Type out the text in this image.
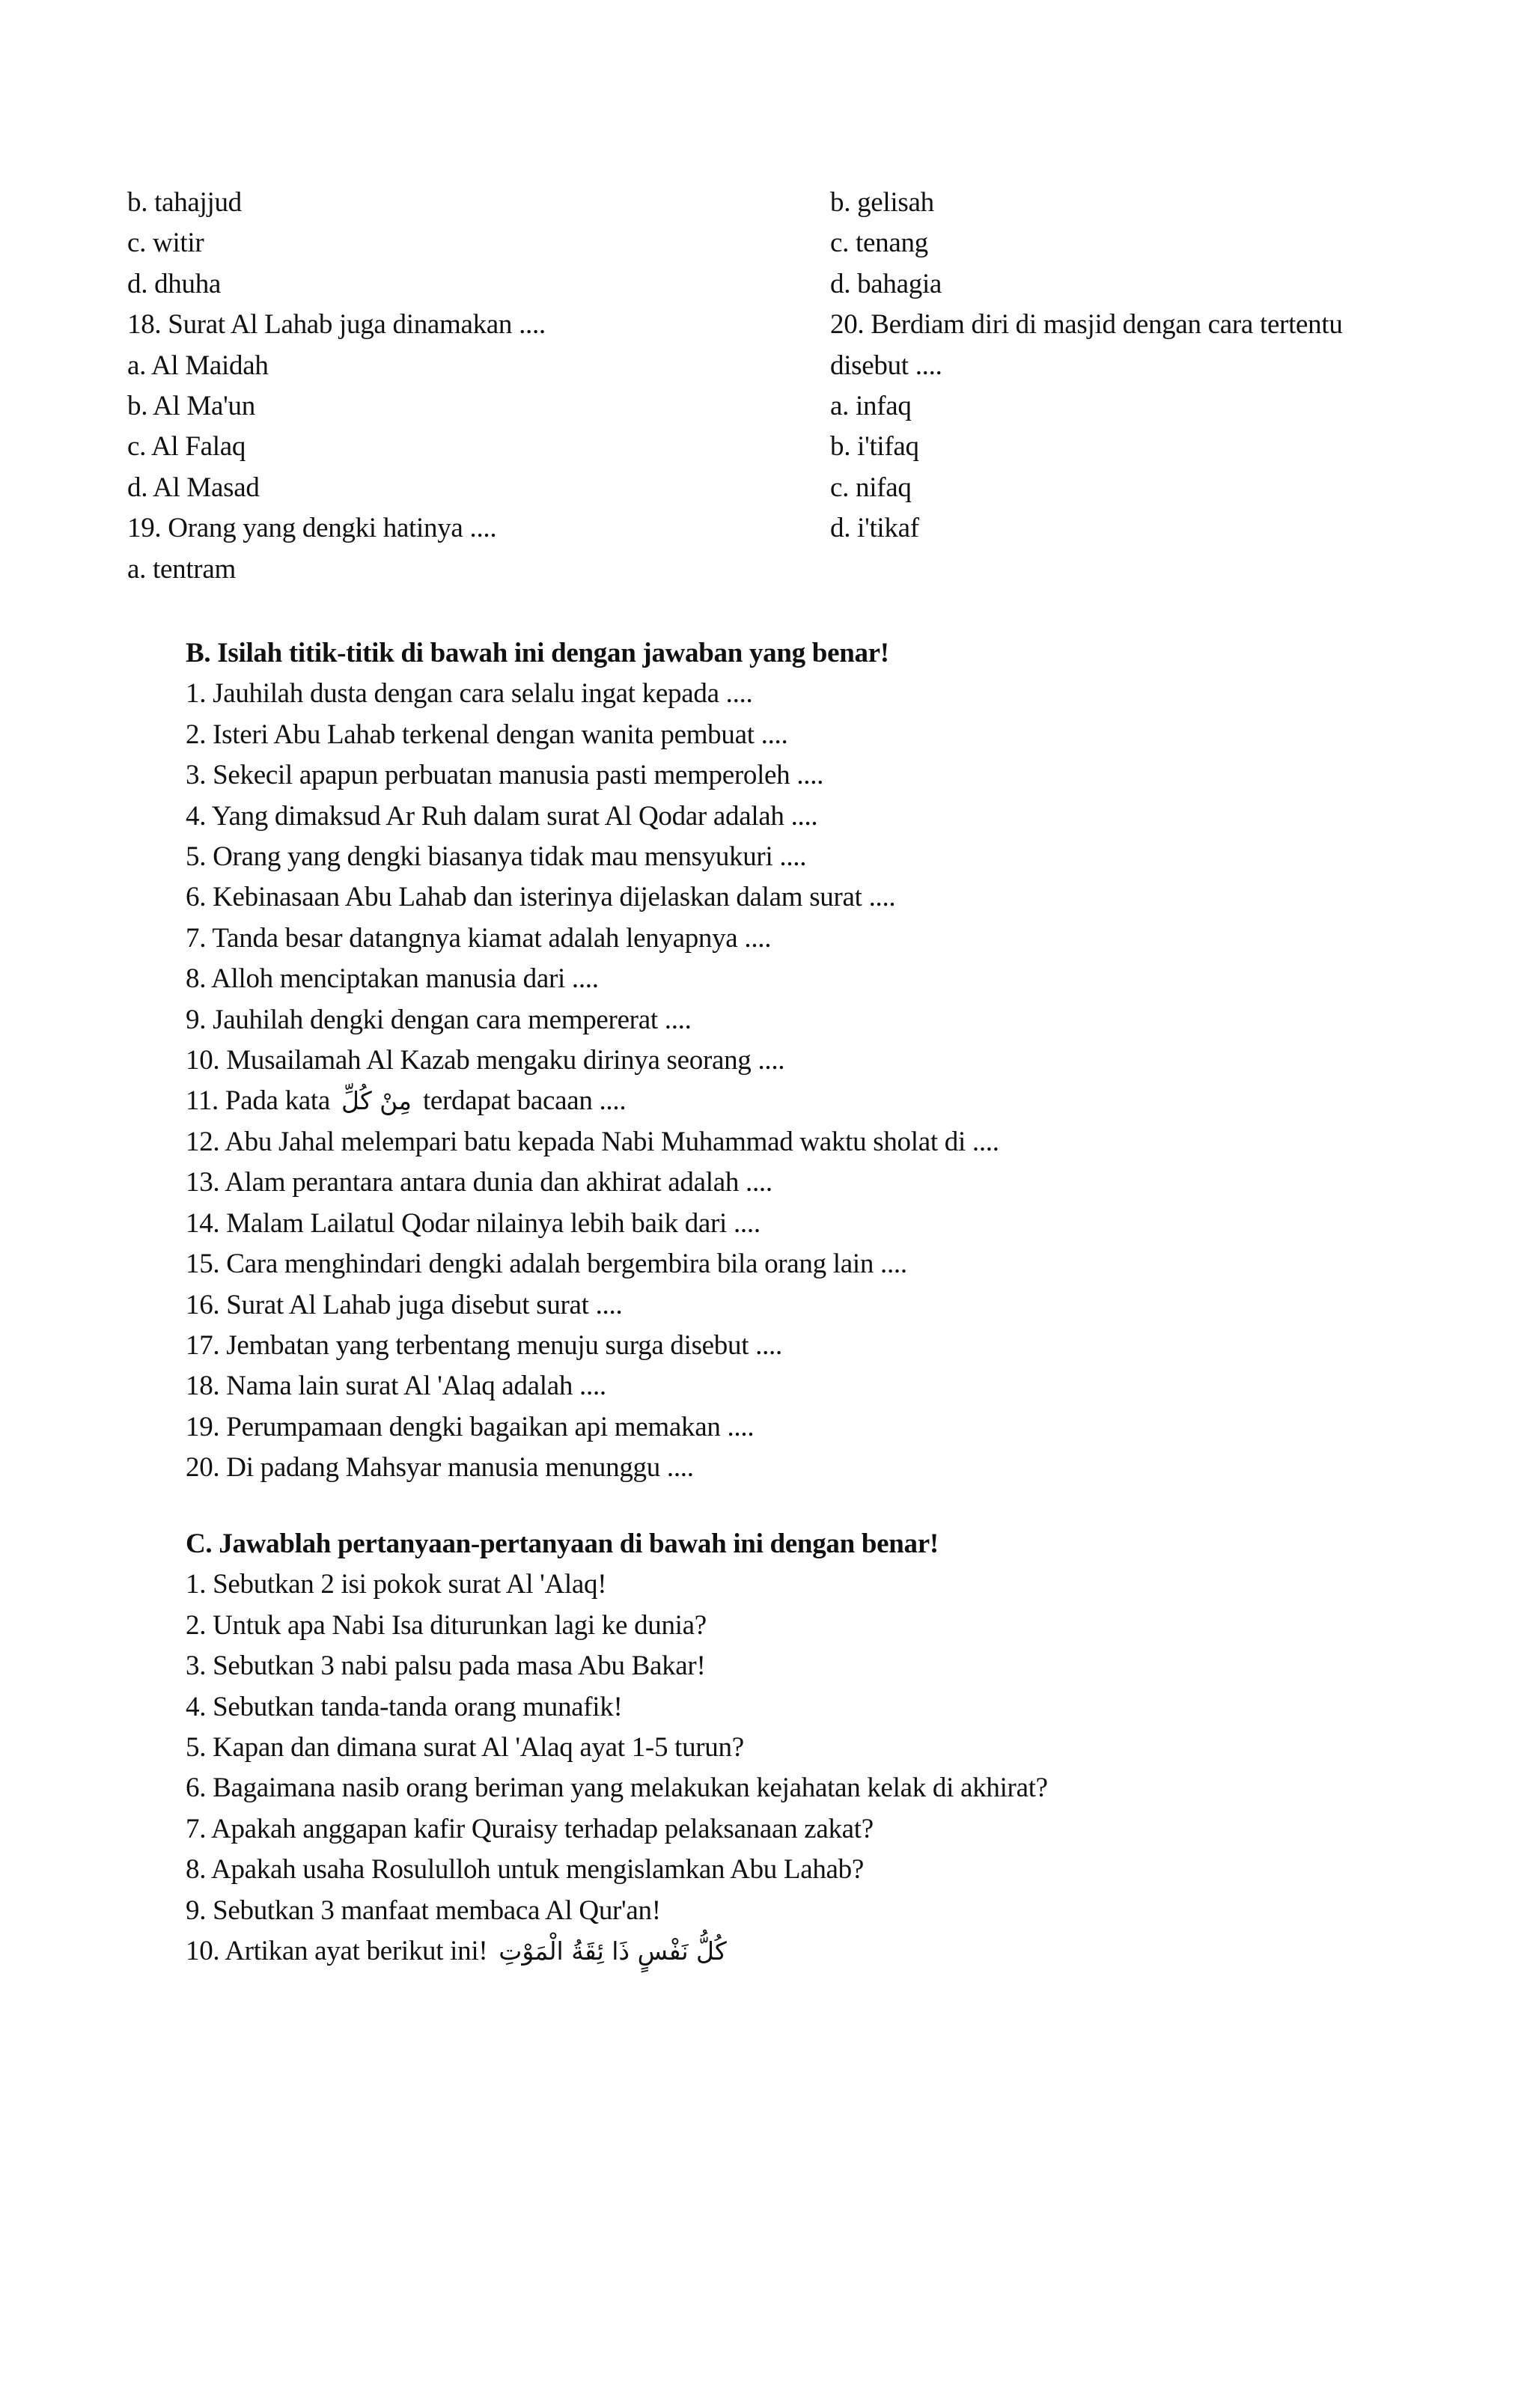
b. tahajjud
c. witir
d. dhuha
18. Surat Al Lahab juga dinamakan ....
a. Al Maidah
b. Al Ma'un
c. Al Falaq
d. Al Masad
19. Orang yang dengki hatinya ....
a. tentram
b. gelisah
c. tenang
d. bahagia
20. Berdiam diri di masjid dengan cara tertentu
disebut ....
a. infaq
b. i'tifaq
c. nifaq
d. i'tikaf
B. Isilah titik-titik di bawah ini dengan jawaban yang benar!
1. Jauhilah dusta dengan cara selalu ingat kepada ....
2. Isteri Abu Lahab terkenal dengan wanita pembuat ....
3. Sekecil apapun perbuatan manusia pasti memperoleh ....
4. Yang dimaksud Ar Ruh dalam surat Al Qodar adalah ....
5. Orang yang dengki biasanya tidak mau mensyukuri ....
6. Kebinasaan Abu Lahab dan isterinya dijelaskan dalam surat ....
7. Tanda besar datangnya kiamat adalah lenyapnya ....
8. Alloh menciptakan manusia dari ....
9. Jauhilah dengki dengan cara mempererat ....
10. Musailamah Al Kazab mengaku dirinya seorang ....
11. Pada kata مِنْ كُلِّ terdapat bacaan ....
12. Abu Jahal melempari batu kepada Nabi Muhammad waktu sholat di ....
13. Alam perantara antara dunia dan akhirat adalah ....
14. Malam Lailatul Qodar nilainya lebih baik dari ....
15. Cara menghindari dengki adalah bergembira bila orang lain ....
16. Surat Al Lahab juga disebut surat ....
17. Jembatan yang terbentang menuju surga disebut ....
18. Nama lain surat Al 'Alaq adalah ....
19. Perumpamaan dengki bagaikan api memakan ....
20. Di padang Mahsyar manusia menunggu ....
C. Jawablah pertanyaan-pertanyaan di bawah ini dengan benar!
1. Sebutkan 2 isi pokok surat Al 'Alaq!
2. Untuk apa Nabi Isa diturunkan lagi ke dunia?
3. Sebutkan 3 nabi palsu pada masa Abu Bakar!
4. Sebutkan tanda-tanda orang munafik!
5. Kapan dan dimana surat Al 'Alaq ayat 1-5 turun?
6. Bagaimana nasib orang beriman yang melakukan kejahatan kelak di akhirat?
7. Apakah anggapan kafir Quraisy terhadap pelaksanaan zakat?
8. Apakah usaha Rosululloh untuk mengislamkan Abu Lahab?
9. Sebutkan 3 manfaat membaca Al Qur'an!
10. Artikan ayat berikut ini! كُلُّ نَفْسٍ ذَا ئِقَةُ الْمَوْتِ
